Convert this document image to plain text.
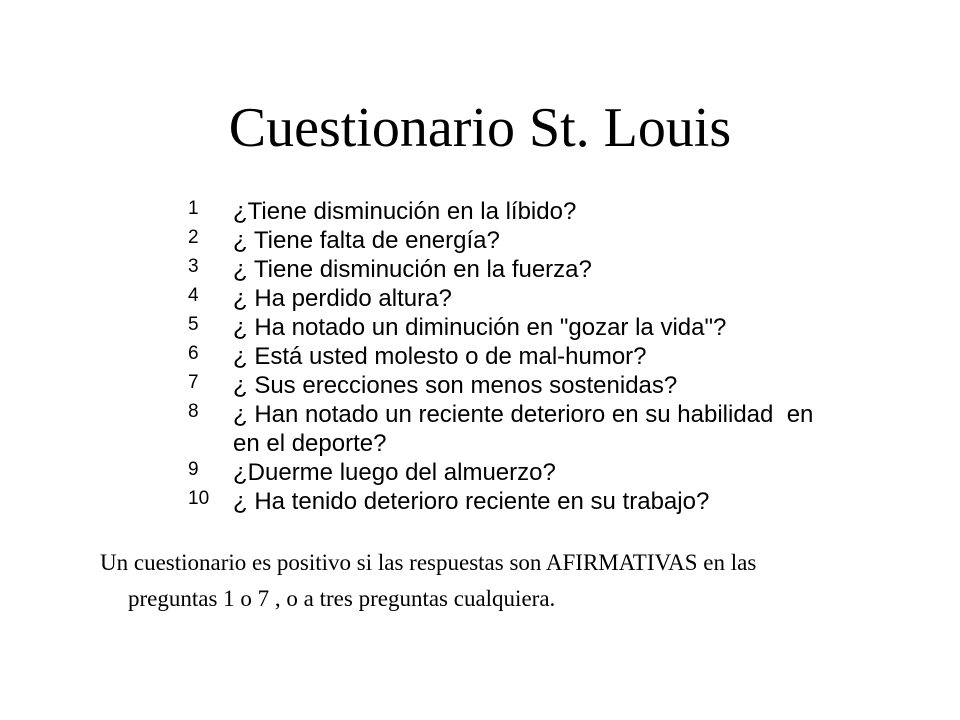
Cuestionario St. Louis
1 ¿Tiene disminución en la líbido?
2 ¿ Tiene falta de energía?
3 ¿ Tiene disminución en la fuerza?
4 ¿ Ha perdido altura?
5 ¿ Ha notado un diminución en "gozar la vida"?
6 ¿ Está usted molesto o de mal-humor?
7 ¿ Sus erecciones son menos sostenidas?
8 ¿ Han notado un reciente deterioro en su habilidad  en
en el deporte?
9 ¿Duerme luego del almuerzo?
10 ¿ Ha tenido deterioro reciente en su trabajo?
Un cuestionario es positivo si las respuestas son AFIRMATIVAS en las
preguntas 1 o 7 , o a tres preguntas cualquiera.
